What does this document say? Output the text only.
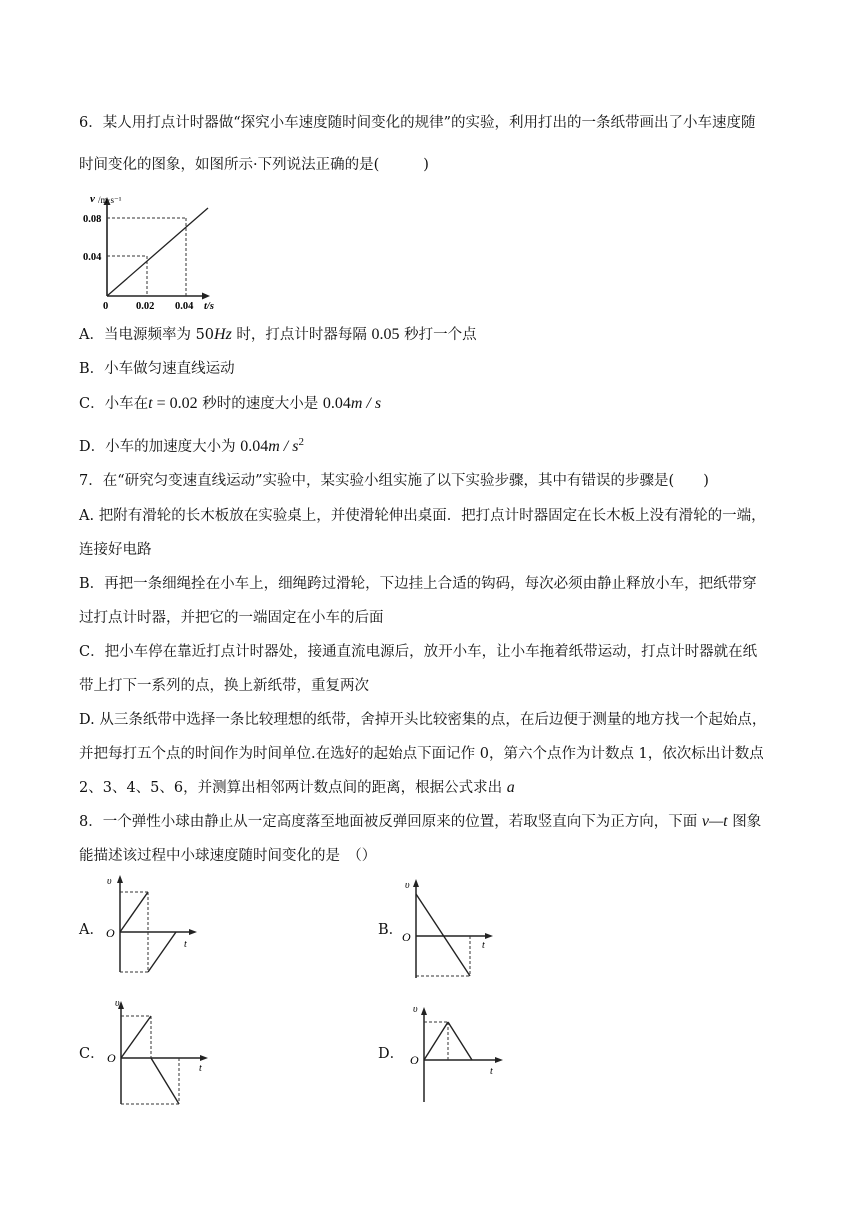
6．某人用打点计时器做“探究小车速度随时间变化的规律”的实验，利用打出的一条纸带画出了小车速度随
时间变化的图象，如图所示·下列说法正确的是(	)
v /m·s⁻¹
0.08
0.04
0	0.02 0.04 t/s
A．当电源频率为 50Hz 时，打点计时器每隔 0.05 秒打一个点
B．小车做匀速直线运动
C．小车在t = 0.02 秒时的速度大小是 0.04m / s
D．小车的加速度大小为 $0.04m / s^2$
7．在“研究匀变速直线运动”实验中，某实验小组实施了以下实验步骤，其中有错误的步骤是(　　)
A. 把附有滑轮的长木板放在实验桌上，并使滑轮伸出桌面．把打点计时器固定在长木板上没有滑轮的一端，
连接好电路
B．再把一条细绳拴在小车上，细绳跨过滑轮，下边挂上合适的钩码，每次必须由静止释放小车，把纸带穿
过打点计时器，并把它的一端固定在小车的后面
C．把小车停在靠近打点计时器处，接通直流电源后，放开小车，让小车拖着纸带运动，打点计时器就在纸
带上打下一系列的点，换上新纸带，重复两次
D. 从三条纸带中选择一条比较理想的纸带，舍掉开头比较密集的点，在后边便于测量的地方找一个起始点，
并把每打五个点的时间作为时间单位.在选好的起始点下面记作 0，第六个点作为计数点 1，依次标出计数点
2、3、4、5、6，并测算出相邻两计数点间的距离，根据公式求出 a
8．一个弹性小球由静止从一定高度落至地面被反弹回原来的位置，若取竖直向下为正方向，下面 v—t 图象
能描述该过程中小球速度随时间变化的是　（）
A．
υ
O
t
B．
υ
O
t
C．
υ
O
t
D．
υ
O
t
